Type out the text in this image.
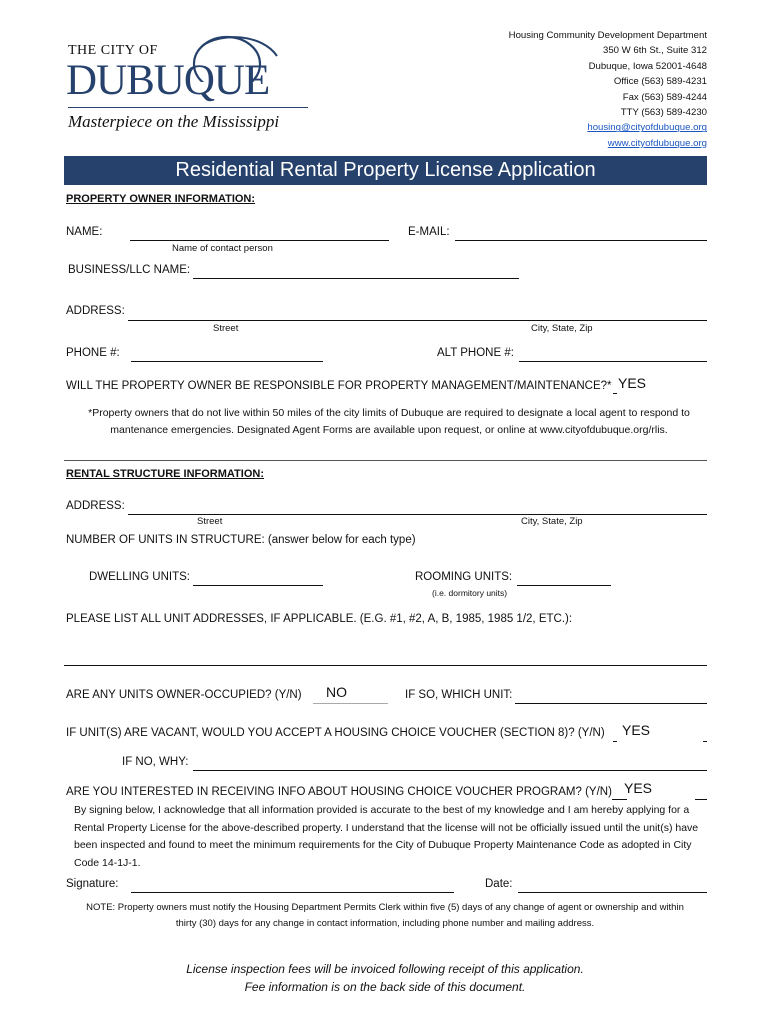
THE CITY OF
DUBUQUE
Masterpiece on the Mississippi
Housing Community Development Department
350 W 6th St., Suite 312
Dubuque, Iowa 52001-4648
Office (563) 589-4231
Fax (563) 589-4244
TTY (563) 589-4230
housing@cityofdubuque.org
www.cityofdubuque.org
Residential Rental Property License Application
PROPERTY OWNER INFORMATION:
NAME:
Name of contact person
E-MAIL:
BUSINESS/LLC NAME:
ADDRESS:
Street	City, State, Zip
PHONE #:	ALT PHONE #:
WILL THE PROPERTY OWNER BE RESPONSIBLE FOR PROPERTY MANAGEMENT/MAINTENANCE?* YES
*Property owners that do not live within 50 miles of the city limits of Dubuque are required to designate a local agent to respond to mantenance emergencies. Designated Agent Forms are available upon request, or online at www.cityofdubuque.org/rlis.
RENTAL STRUCTURE INFORMATION:
ADDRESS:
Street	City, State, Zip
NUMBER OF UNITS IN STRUCTURE: (answer below for each type)
DWELLING UNITS:	ROOMING UNITS:
(i.e. dormitory units)
PLEASE LIST ALL UNIT ADDRESSES, IF APPLICABLE. (E.G. #1, #2, A, B, 1985, 1985 1/2, ETC.):
ARE ANY UNITS OWNER-OCCUPIED? (Y/N) NO	IF SO, WHICH UNIT:
IF UNIT(S) ARE VACANT, WOULD YOU ACCEPT A HOUSING CHOICE VOUCHER (SECTION 8)? (Y/N) YES
IF NO, WHY:
ARE YOU INTERESTED IN RECEIVING INFO ABOUT HOUSING CHOICE VOUCHER PROGRAM? (Y/N) YES
By signing below, I acknowledge that all information provided is accurate to the best of my knowledge and I am hereby applying for a Rental Property License for the above-described property. I understand that the license will not be officially issued until the unit(s) have been inspected and found to meet the minimum requirements for the City of Dubuque Property Maintenance Code as adopted in City Code 14-1J-1.
Signature:	Date:
NOTE: Property owners must notify the Housing Department Permits Clerk within five (5) days of any change of agent or ownership and within thirty (30) days for any change in contact information, including phone number and mailing address.
License inspection fees will be invoiced following receipt of this application.
Fee information is on the back side of this document.
